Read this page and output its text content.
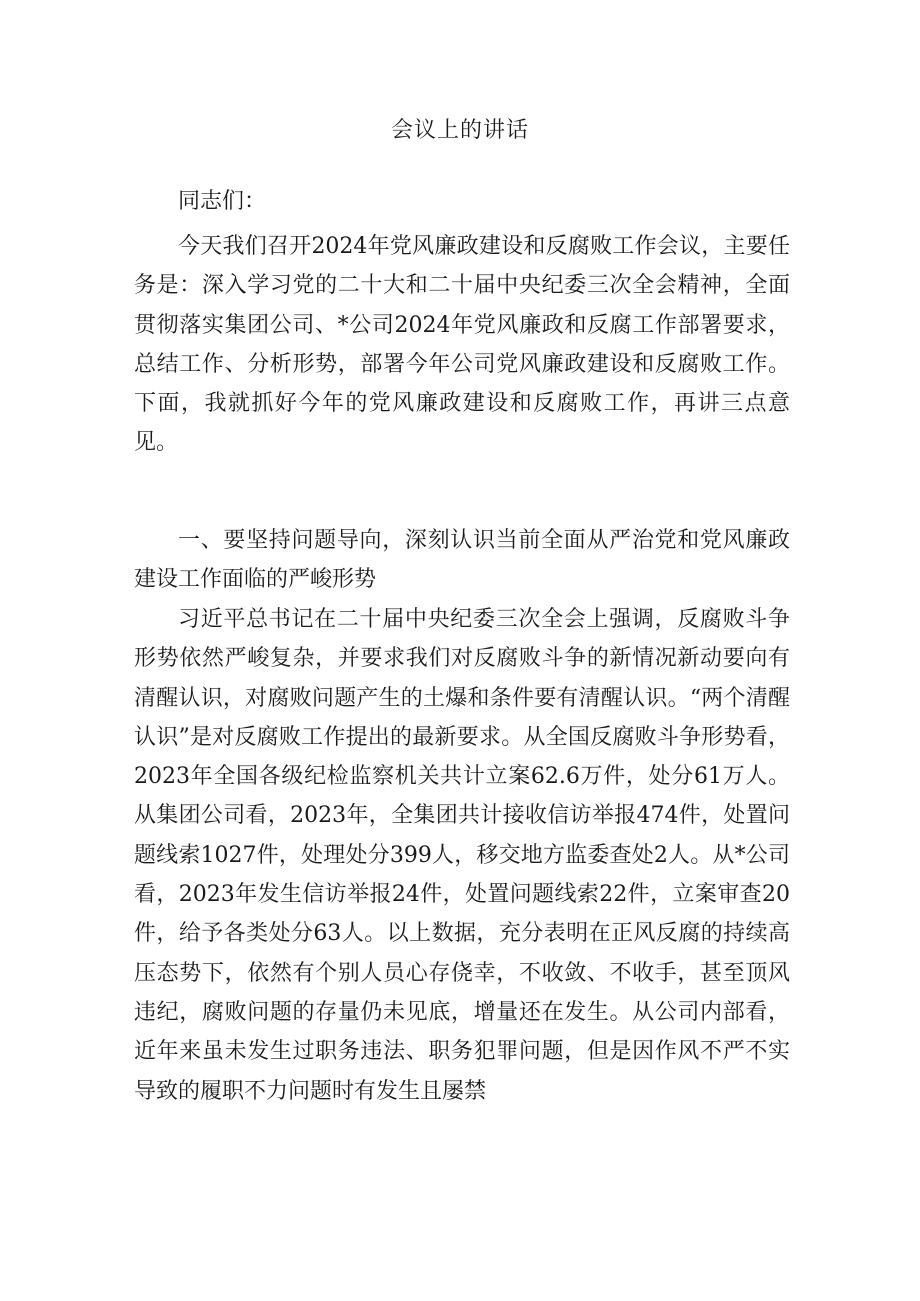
会议上的讲话
同志们：

今天我们召开2024年党风廉政建设和反腐败工作会议，主要任务是：深入学习党的二十大和二十届中央纪委三次全会精神，全面贯彻落实集团公司、*公司2024年党风廉政和反腐工作部署要求，总结工作、分析形势，部署今年公司党风廉政建设和反腐败工作。下面，我就抓好今年的党风廉政建设和反腐败工作，再讲三点意见。

一、要坚持问题导向，深刻认识当前全面从严治党和党风廉政建设工作面临的严峻形势

习近平总书记在二十届中央纪委三次全会上强调，反腐败斗争形势依然严峻复杂，并要求我们对反腐败斗争的新情况新动要向有清醒认识，对腐败问题产生的土爆和条件要有清醒认识。“两个清醒认识”是对反腐败工作提出的最新要求。从全国反腐败斗争形势看，2023年全国各级纪检监察机关共计立案62.6万件，处分61万人。从集团公司看，2023年，全集团共计接收信访举报474件，处置问题线索1027件，处理处分399人，移交地方监委查处2人。从*公司看，2023年发生信访举报24件，处置问题线索22件，立案审查20件，给予各类处分63人。以上数据，充分表明在正风反腐的持续高压态势下，依然有个别人员心存侥幸，不收敛、不收手，甚至顶风违纪，腐败问题的存量仍未见底，增量还在发生。从公司内部看，近年来虽未发生过职务违法、职务犯罪问题，但是因作风不严不实导致的履职不力问题时有发生且屡禁
